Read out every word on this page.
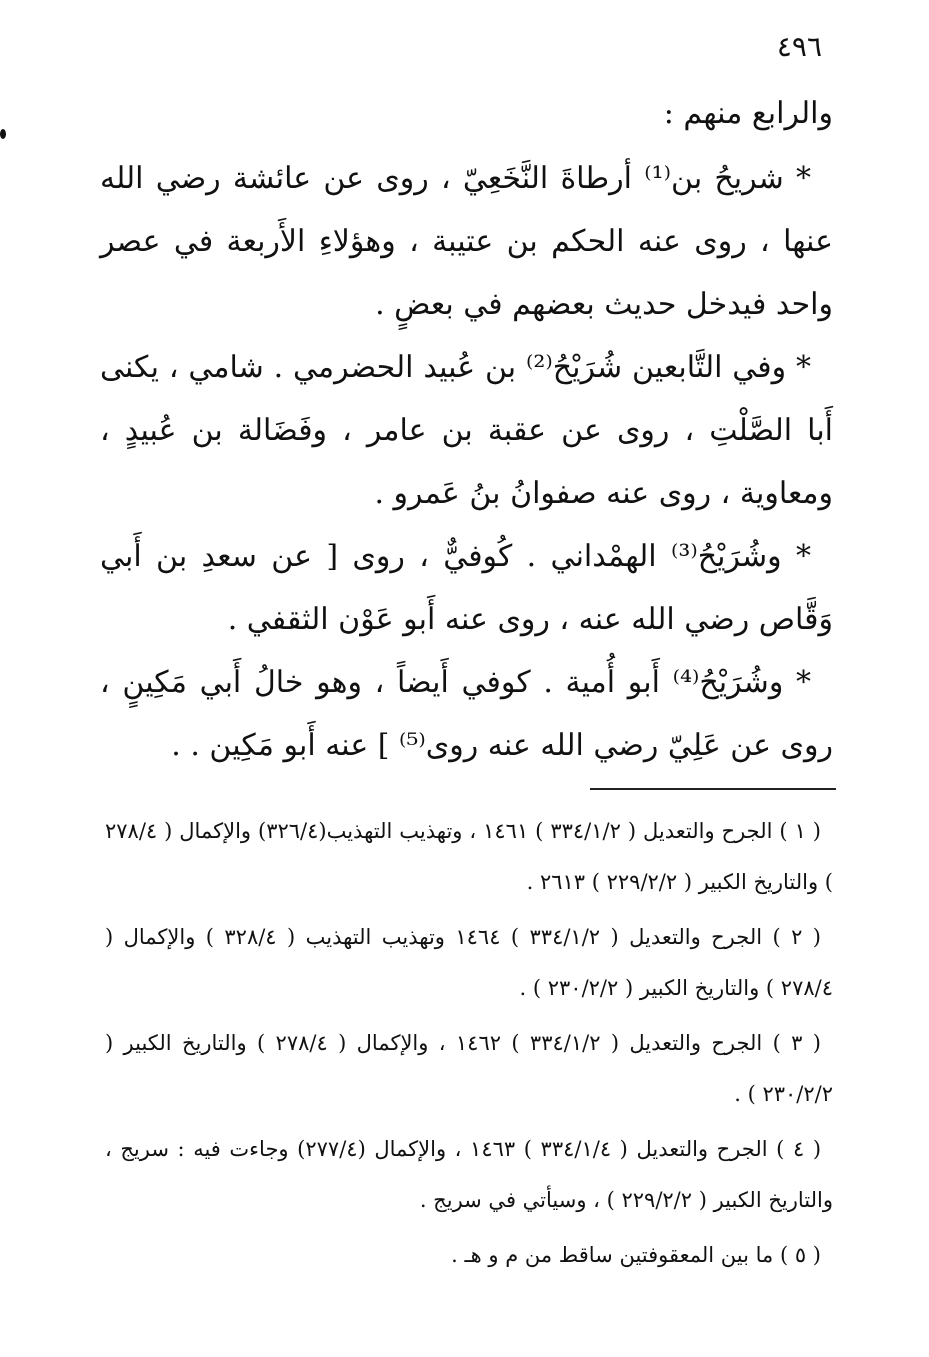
٤٩٦

والرابع منهم :

* شريحُ بن⁽¹⁾ أرطاةَ النَّخَعِيّ ، روى عن عائشة رضي الله عنها ، روى عنه الحكم بن عتيبة ، وهؤلاءِ الأَربعة في عصر واحد فيدخل حديث بعضهم في بعضٍ .

* وفي التَّابعين شُرَيْحُ⁽²⁾ بن عُبيد الحضرمي . شامي ، يكنى أَبا الصَّلْتِ ، روى عن عقبة بن عامر ، وفَضَالة بن عُبيدٍ ، ومعاوية ، روى عنه صفوانُ بنُ عَمرو .

* وشُرَيْحُ⁽³⁾ الهمْداني . كُوفيٌّ ، روى [ عن سعدِ بن أَبي وَقَّاص رضي الله عنه ، روى عنه أَبو عَوْن الثقفي .

* وشُرَيْحُ⁽⁴⁾ أَبو أُمية . كوفي أَيضاً ، وهو خالُ أَبي مَكِينٍ ، روى عن عَلِيّ رضي الله عنه روى⁽⁵⁾ ] عنه أَبو مَكِين . .

( ١ ) الجرح والتعديل ( ٣٣٤/١/٢ ) ١٤٦١ ، وتهذيب التهذيب(٣٢٦/٤) والإكمال ( ٢٧٨/٤ ) والتاريخ الكبير ( ٢٢٩/٢/٢ ) ٢٦١٣ .

( ٢ ) الجرح والتعديل ( ٣٣٤/١/٢ ) ١٤٦٤ وتهذيب التهذيب ( ٣٢٨/٤ ) والإكمال ( ٢٧٨/٤ ) والتاريخ الكبير ( ٢٣٠/٢/٢ ) .

( ٣ ) الجرح والتعديل ( ٣٣٤/١/٢ ) ١٤٦٢ ، والإكمال ( ٢٧٨/٤ ) والتاريخ الكبير ( ٢٣٠/٢/٢ ) .

( ٤ ) الجرح والتعديل ( ٣٣٤/١/٤ ) ١٤٦٣ ، والإكمال (٢٧٧/٤) وجاءت فيه : سريج ، والتاريخ الكبير ( ٢٢٩/٢/٢ ) ، وسيأتي في سريج .

( ٥ ) ما بين المعقوفتين ساقط من م و هـ .
